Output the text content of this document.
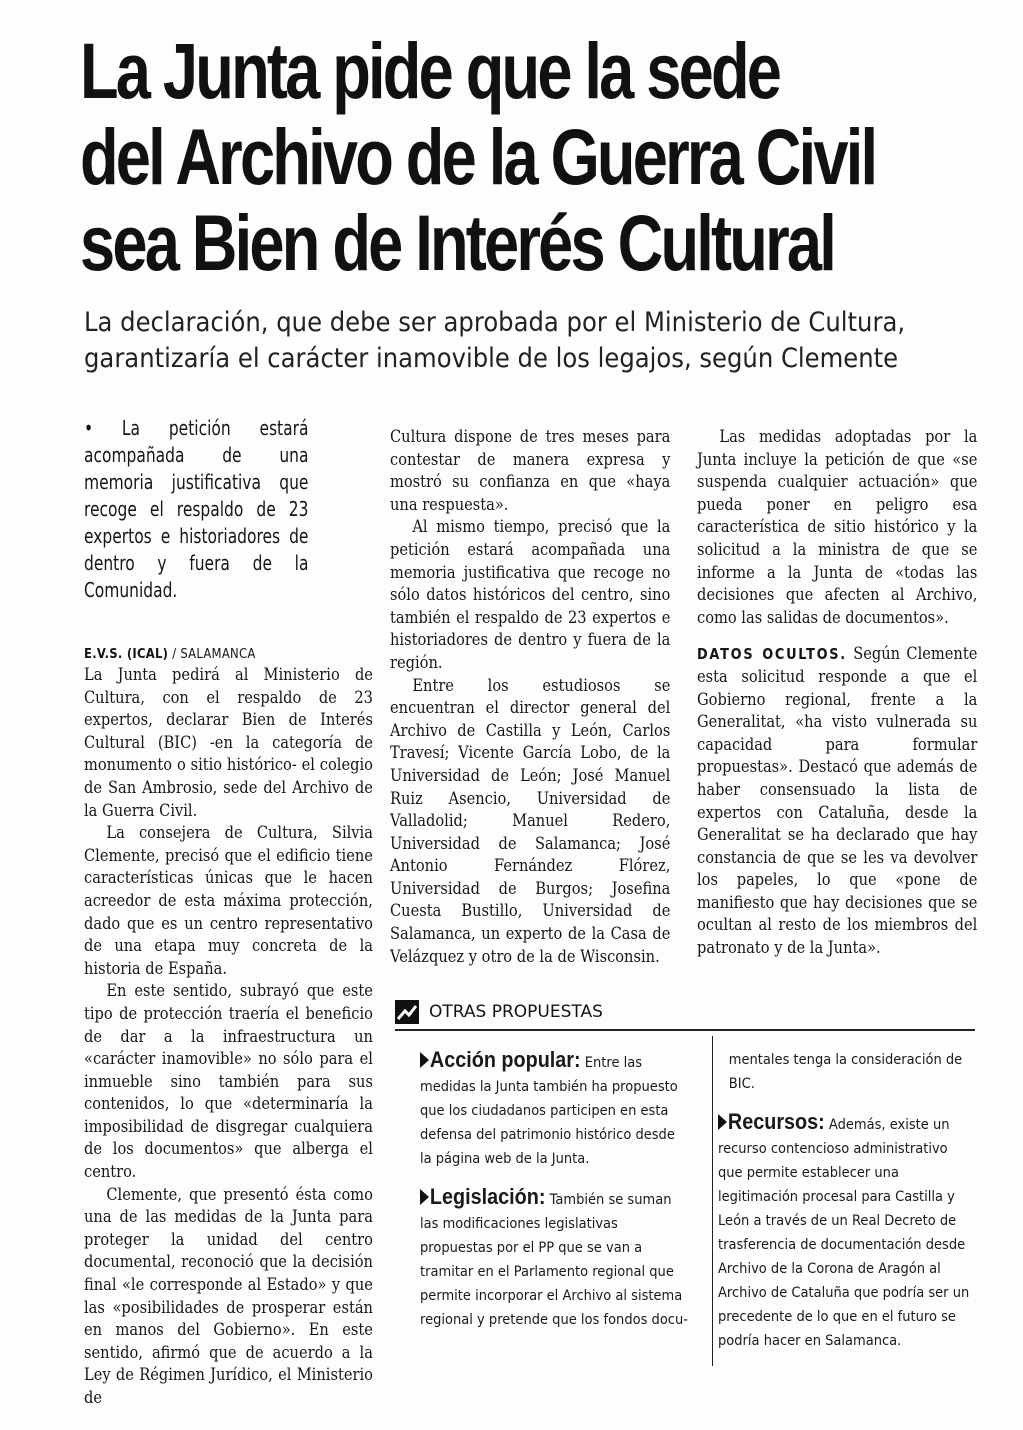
La Junta pide que la sede
del Archivo de la Guerra Civil
sea Bien de Interés Cultural
La declaración, que debe ser aprobada por el Ministerio de Cultura,
garantizaría el carácter inamovible de los legajos, según Clemente

• La petición estará acompañada de una memoria justificativa que recoge el respaldo de 23 expertos e historiadores de dentro y fuera de la Comunidad.

E.V.S. (ICAL) / SALAMANCA

La Junta pedirá al Ministerio de Cultura, con el respaldo de 23 expertos, declarar Bien de Interés Cultural (BIC) -en la categoría de monumento o sitio histórico- el colegio de San Ambrosio, sede del Archivo de la Guerra Civil.

La consejera de Cultura, Silvia Clemente, precisó que el edificio tiene características únicas que le hacen acreedor de esta máxima protección, dado que es un centro representativo de una etapa muy concreta de la historia de España.

En este sentido, subrayó que este tipo de protección traería el beneficio de dar a la infraestructura un «carácter inamovible» no sólo para el inmueble sino también para sus contenidos, lo que «determinaría la imposibilidad de disgregar cualquiera de los documentos» que alberga el centro.

Clemente, que presentó ésta como una de las medidas de la Junta para proteger la unidad del centro documental, reconoció que la decisión final «le corresponde al Estado» y que las «posibilidades de prosperar están en manos del Gobierno». En este sentido, afirmó que de acuerdo a la Ley de Régimen Jurídico, el Ministerio de

Cultura dispone de tres meses para contestar de manera expresa y mostró su confianza en que «haya una respuesta».

Al mismo tiempo, precisó que la petición estará acompañada una memoria justificativa que recoge no sólo datos históricos del centro, sino también el respaldo de 23 expertos e historiadores de dentro y fuera de la región.

Entre los estudiosos se encuentran el director general del Archivo de Castilla y León, Carlos Travesí; Vicente García Lobo, de la Universidad de León; José Manuel Ruiz Asencio, Universidad de Valladolid; Manuel Redero, Universidad de Salamanca; José Antonio Fernández Flórez, Universidad de Burgos; Josefina Cuesta Bustillo, Universidad de Salamanca, un experto de la Casa de Velázquez y otro de la de Wisconsin.

Las medidas adoptadas por la Junta incluye la petición de que «se suspenda cualquier actuación» que pueda poner en peligro esa característica de sitio histórico y la solicitud a la ministra de que se informe a la Junta de «todas las decisiones que afecten al Archivo, como las salidas de documentos».

DATOS OCULTOS. Según Clemente esta solicitud responde a que el Gobierno regional, frente a la Generalitat, «ha visto vulnerada su capacidad para formular propuestas». Destacó que además de haber consensuado la lista de expertos con Cataluña, desde la Generalitat se ha declarado que hay constancia de que se les va devolver los papeles, lo que «pone de manifiesto que hay decisiones que se ocultan al resto de los miembros del patronato y de la Junta».

OTRAS PROPUESTAS

Acción popular: Entre las medidas la Junta también ha propuesto que los ciudadanos participen en esta defensa del patrimonio histórico desde la página web de la Junta.

Legislación: También se suman las modificaciones legislativas propuestas por el PP que se van a tramitar en el Parlamento regional que permite incorporar el Archivo al sistema regional y pretende que los fondos docu-

mentales tenga la consideración de BIC.

Recursos: Además, existe un recurso contencioso administrativo que permite establecer una legitimación procesal para Castilla y León a través de un Real Decreto de trasferencia de documentación desde Archivo de la Corona de Aragón al Archivo de Cataluña que podría ser un precedente de lo que en el futuro se podría hacer en Salamanca.
